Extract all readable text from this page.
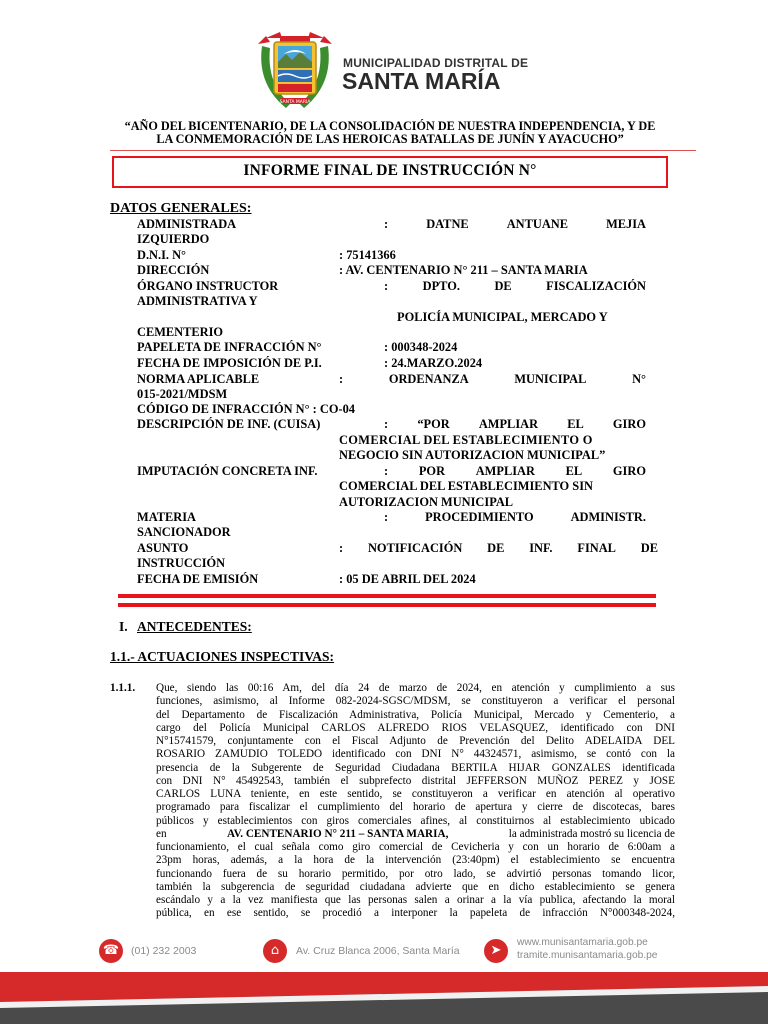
SANTA MARIA
MUNICIPALIDAD DISTRITAL DE
SANTA MARÍA
“AÑO DEL BICENTENARIO, DE LA CONSOLIDACIÓN DE NUESTRA INDEPENDENCIA, Y DE
LA CONMEMORACIÓN DE LAS HEROICAS BATALLAS DE JUNÍN Y AYACUCHO”
INFORME FINAL DE INSTRUCCIÓN N°
DATOS GENERALES:
ADMINISTRADA	:	DATNE	ANTUANE	MEJIA
IZQUIERDO
D.N.I. N°	: 75141366
DIRECCIÓN	: AV. CENTENARIO N° 211 – SANTA MARIA
ÓRGANO INSTRUCTOR	:	DPTO.	DE	FISCALIZACIÓN
ADMINISTRATIVA Y
POLICÍA MUNICIPAL, MERCADO Y
CEMENTERIO
PAPELETA DE INFRACCIÓN N°	: 000348-2024
FECHA DE IMPOSICIÓN DE P.I.	: 24.MARZO.2024
NORMA APLICABLE	:	ORDENANZA	MUNICIPAL	N°
015-2021/MDSM
CÓDIGO DE INFRACCIÓN N° : CO-04
DESCRIPCIÓN DE INF. (CUISA)	: “POR AMPLIAR EL GIRO
COMERCIAL DEL ESTABLECIMIENTO O
NEGOCIO SIN AUTORIZACION MUNICIPAL”
IMPUTACIÓN CONCRETA INF.	: POR AMPLIAR EL GIRO
COMERCIAL DEL ESTABLECIMIENTO SIN
AUTORIZACION MUNICIPAL
MATERIA	:	PROCEDIMIENTO	ADMINISTR.
SANCIONADOR
ASUNTO	: NOTIFICACIÓN DE INF. FINAL DE
INSTRUCCIÓN
FECHA DE EMISIÓN	: 05 DE ABRIL DEL 2024
I. ANTECEDENTES:
1.1.- ACTUACIONES INSPECTIVAS:
1.1.1. Que, siendo las 00:16 Am, del día 24 de marzo de 2024, en atención y cumplimiento a sus
funciones, asimismo, al Informe 082-2024-SGSC/MDSM, se constituyeron a verificar el personal
del Departamento de Fiscalización Administrativa, Policía Municipal, Mercado y Cementerio, a
cargo del Policía Municipal CARLOS ALFREDO RIOS VELASQUEZ, identificado con DNI
N°15741579, conjuntamente con el Fiscal Adjunto de Prevención del Delito ADELAIDA DEL
ROSARIO ZAMUDIO TOLEDO identificado con DNI N° 44324571, asimismo, se contó con la
presencia de la Subgerente de Seguridad Ciudadana BERTILA HIJAR GONZALES identificada
con DNI N° 45492543, también el subprefecto distrital JEFFERSON MUÑOZ PEREZ y JOSE
CARLOS LUNA teniente, en este sentido, se constituyeron a verificar en atención al operativo
programado para fiscalizar el cumplimiento del horario de apertura y cierre de discotecas, bares
públicos y establecimientos con giros comerciales afines, al constituirnos al establecimiento ubicado
en	AV. CENTENARIO N° 211 – SANTA MARIA,	la administrada mostró su licencia de
funcionamiento, el cual señala como giro comercial de Cevicheria y con un horario de 6:00am a
23pm horas, además, a la hora de la intervención (23:40pm) el establecimiento se encuentra
funcionando fuera de su horario permitido, por otro lado, se advirtió personas tomando licor,
también la subgerencia de seguridad ciudadana advierte que en dicho establecimiento se genera
escándalo y a la vez manifiesta que las personas salen a orinar a la vía publica, afectando la moral
pública, en ese sentido, se procedió a interponer la papeleta de infracción N°000348-2024,
☎	(01) 232 2003	⌂	Av. Cruz Blanca 2006, Santa María	➤
www.munisantamaria.gob.pe
tramite.munisantamaria.gob.pe
